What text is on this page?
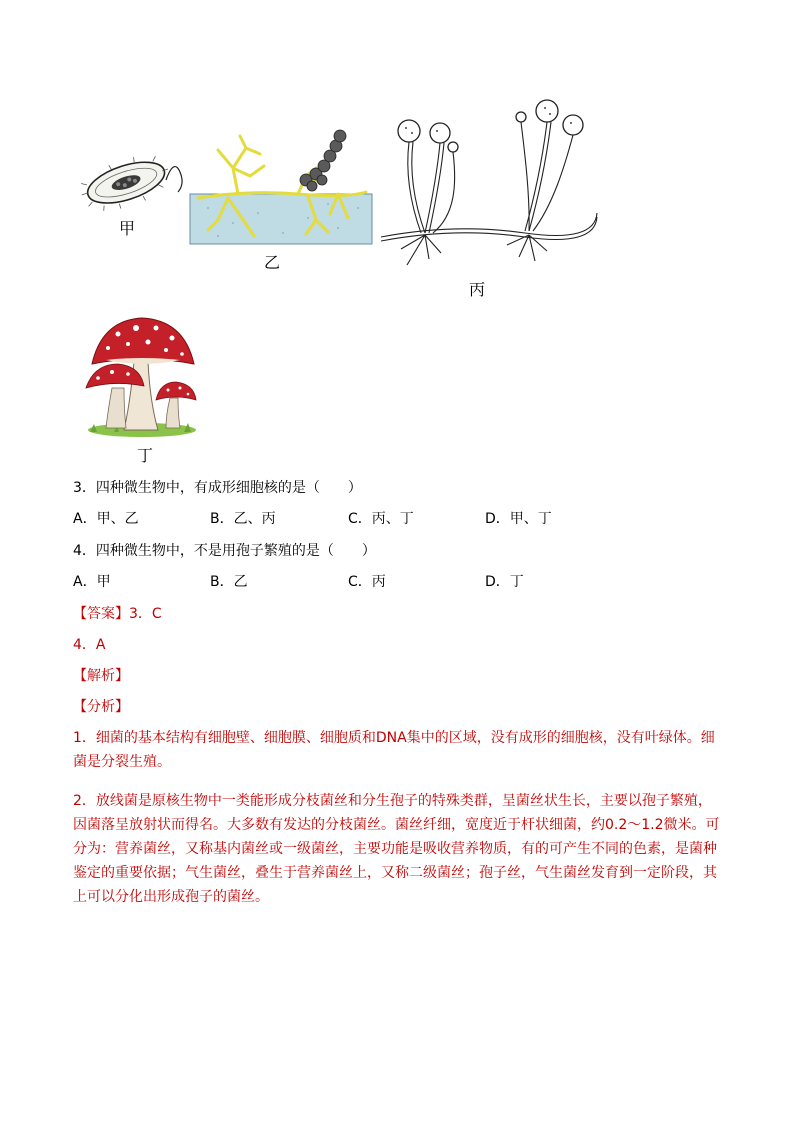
甲
乙
丙
丁
3．四种微生物中，有成形细胞核的是（　　）
A．甲、乙	B．乙、丙	C．丙、丁	D．甲、丁
4．四种微生物中，不是用孢子繁殖的是（　　）
A．甲	B．乙	C．丙	D．丁
【答案】3．C
4．A
【解析】
【分析】
1．细菌的基本结构有细胞壁、细胞膜、细胞质和DNA集中的区域，没有成形的细胞核，没有叶绿体。细菌是分裂生殖。
2．放线菌是原核生物中一类能形成分枝菌丝和分生孢子的特殊类群，呈菌丝状生长，主要以孢子繁殖，因菌落呈放射状而得名。大多数有发达的分枝菌丝。菌丝纤细，宽度近于杆状细菌，约0.2～1.2微米。可分为：营养菌丝，又称基内菌丝或一级菌丝，主要功能是吸收营养物质，有的可产生不同的色素，是菌种鉴定的重要依据；气生菌丝，叠生于营养菌丝上，又称二级菌丝；孢子丝，气生菌丝发育到一定阶段，其上可以分化出形成孢子的菌丝。
